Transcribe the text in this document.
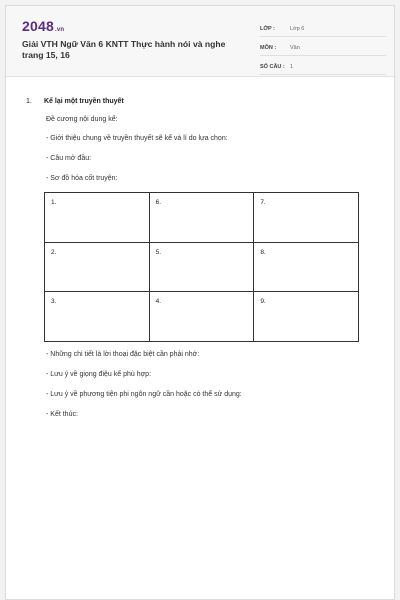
2048.vn
Giải VTH Ngữ Văn 6 KNTT Thực hành nói và nghe trang 15, 16
LỚP :	Lớp 6
MÔN :	Văn
SỐ CÂU : 1
1. Kể lại một truyền thuyết
Đề cương nội dung kể:
- Giới thiệu chung về truyền thuyết sẽ kể và lí do lựa chọn:
- Câu mở đầu:
- Sơ đồ hóa cốt truyện:
1.	6.	7.
2.	5.	8.
3.	4.	9.
- Những chi tiết là lời thoại đặc biệt cần phải nhớ:
- Lưu ý về giọng điệu kể phù hợp:
- Lưu ý về phương tiện phi ngôn ngữ cần hoặc có thể sử dụng:
- Kết thúc:
